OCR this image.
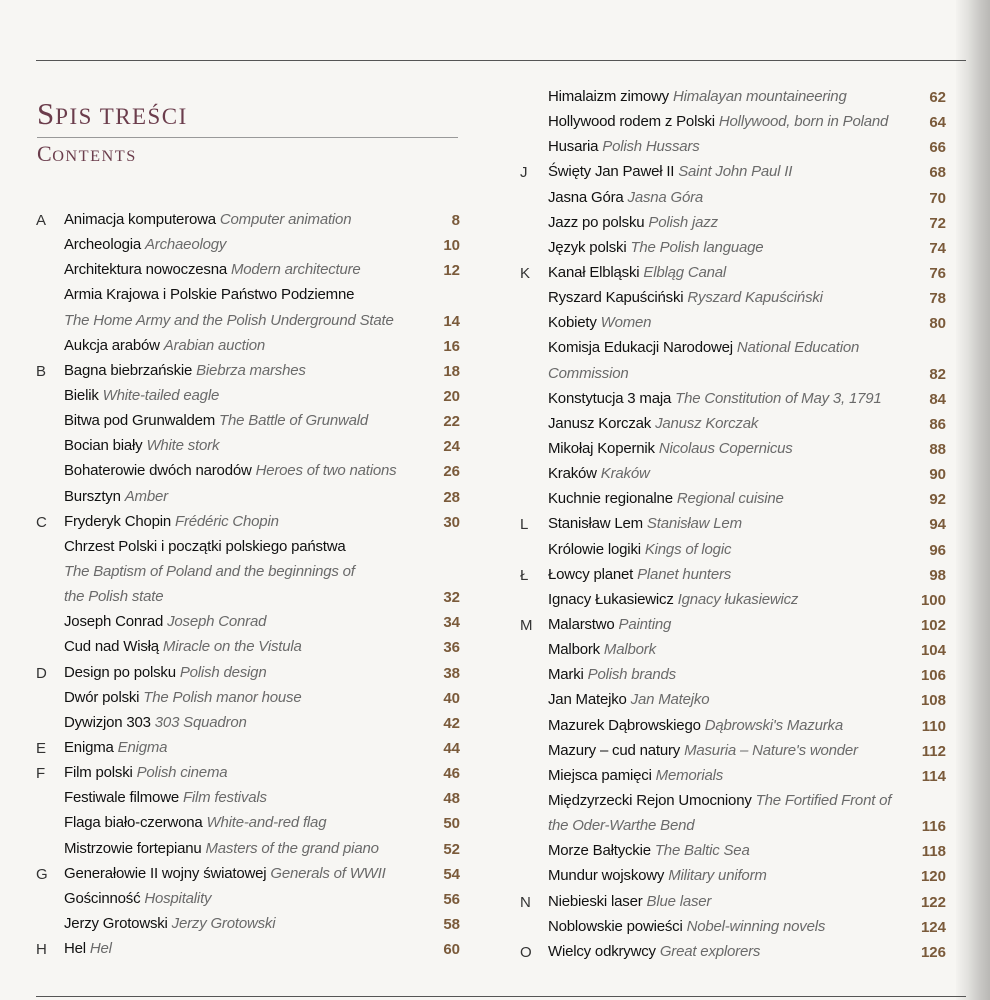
SPIS TREŚCI
CONTENTS
A Animacja komputerowa Computer animation	8
Archeologia Archaeology	10
Architektura nowoczesna Modern architecture	12
Armia Krajowa i Polskie Państwo Podziemne
The Home Army and the Polish Underground State	14
Aukcja arabów Arabian auction	16
B Bagna biebrzańskie Biebrza marshes	18
Bielik White-tailed eagle	20
Bitwa pod Grunwaldem The Battle of Grunwald	22
Bocian biały White stork	24
Bohaterowie dwóch narodów Heroes of two nations	26
Bursztyn Amber	28
C Fryderyk Chopin Frédéric Chopin	30
Chrzest Polski i początki polskiego państwa
The Baptism of Poland and the beginnings of
the Polish state	32
Joseph Conrad Joseph Conrad	34
Cud nad Wisłą Miracle on the Vistula	36
D Design po polsku Polish design	38
Dwór polski The Polish manor house	40
Dywizjon 303 303 Squadron	42
E Enigma Enigma	44
F Film polski Polish cinema	46
Festiwale filmowe Film festivals	48
Flaga biało-czerwona White-and-red flag	50
Mistrzowie fortepianu Masters of the grand piano	52
G Generałowie II wojny światowej Generals of WWII	54
Gościnność Hospitality	56
Jerzy Grotowski Jerzy Grotowski	58
H Hel Hel	60
Himalaizm zimowy Himalayan mountaineering	62
Hollywood rodem z Polski Hollywood, born in Poland	64
Husaria Polish Hussars	66
J Święty Jan Paweł II Saint John Paul II	68
Jasna Góra Jasna Góra	70
Jazz po polsku Polish jazz	72
Język polski The Polish language	74
K Kanał Elbląski Elbląg Canal	76
Ryszard Kapuściński Ryszard Kapuściński	78
Kobiety Women	80
Komisja Edukacji Narodowej National Education
Commission	82
Konstytucja 3 maja The Constitution of May 3, 1791	84
Janusz Korczak Janusz Korczak	86
Mikołaj Kopernik Nicolaus Copernicus	88
Kraków Kraków	90
Kuchnie regionalne Regional cuisine	92
L Stanisław Lem Stanisław Lem	94
Królowie logiki Kings of logic	96
Ł Łowcy planet Planet hunters	98
Ignacy Łukasiewicz Ignacy łukasiewicz	100
M Malarstwo Painting	102
Malbork Malbork	104
Marki Polish brands	106
Jan Matejko Jan Matejko	108
Mazurek Dąbrowskiego Dąbrowski's Mazurka	110
Mazury – cud natury Masuria – Nature's wonder	112
Miejsca pamięci Memorials	114
Międzyrzecki Rejon Umocniony The Fortified Front of
the Oder-Warthe Bend	116
Morze Bałtyckie The Baltic Sea	118
Mundur wojskowy Military uniform	120
N Niebieski laser Blue laser	122
Noblowskie powieści Nobel-winning novels	124
O Wielcy odkrywcy Great explorers	126
